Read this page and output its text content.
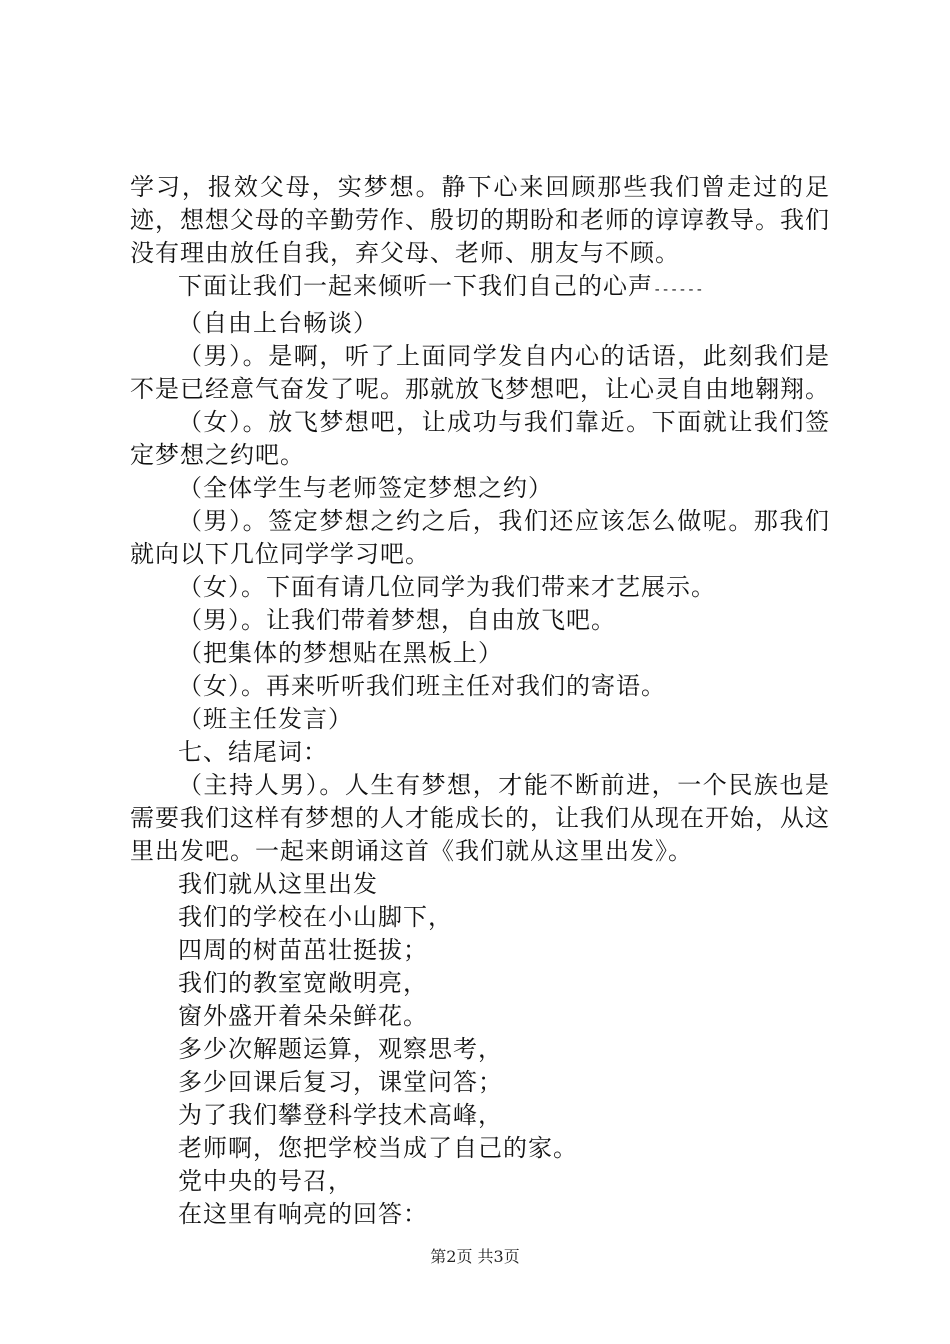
学习，报效父母，实梦想。静下心来回顾那些我们曾走过的足迹，想想父母的辛勤劳作、殷切的期盼和老师的谆谆教导。我们没有理由放任自我，弃父母、老师、朋友与不顾。

下面让我们一起来倾听一下我们自己的心声------

（自由上台畅谈）

（男）。是啊，听了上面同学发自内心的话语，此刻我们是不是已经意气奋发了呢。那就放飞梦想吧，让心灵自由地翱翔。

（女）。放飞梦想吧，让成功与我们靠近。下面就让我们签定梦想之约吧。

（全体学生与老师签定梦想之约）

（男）。签定梦想之约之后，我们还应该怎么做呢。那我们就向以下几位同学学习吧。

（女）。下面有请几位同学为我们带来才艺展示。

（男）。让我们带着梦想，自由放飞吧。

（把集体的梦想贴在黑板上）

（女）。再来听听我们班主任对我们的寄语。

（班主任发言）

七、结尾词：

（主持人男）。人生有梦想，才能不断前进，一个民族也是需要我们这样有梦想的人才能成长的，让我们从现在开始，从这里出发吧。一起来朗诵这首《我们就从这里出发》。

我们就从这里出发

我们的学校在小山脚下，

四周的树苗茁壮挺拔；

我们的教室宽敞明亮，

窗外盛开着朵朵鲜花。

多少次解题运算，观察思考，

多少回课后复习，课堂问答；

为了我们攀登科学技术高峰，

老师啊，您把学校当成了自己的家。

党中央的号召，

在这里有响亮的回答：

第2页 共3页
